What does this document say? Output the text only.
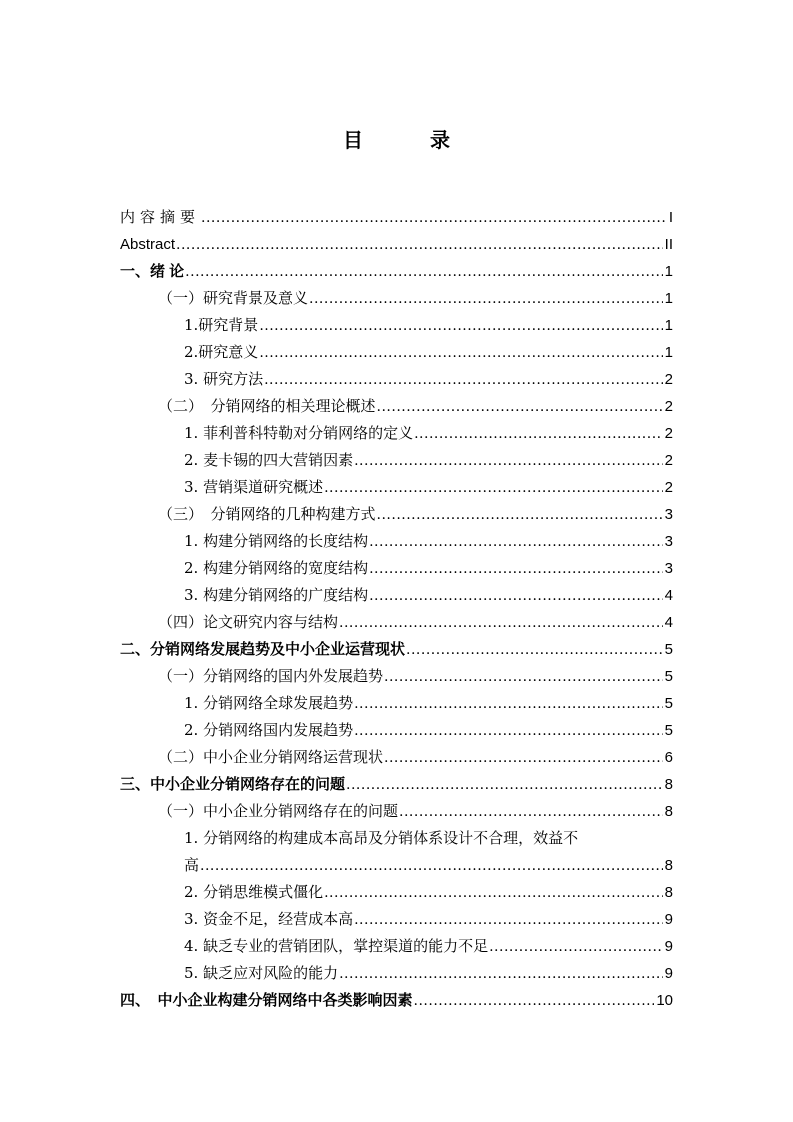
目 录
内容摘要 .....	I
Abstract .....	II
一、绪 论 .....	1
（一）研究背景及意义 .....	1
1.研究背景 .....	1
2.研究意义 .....	1
3. 研究方法 .....	2
（二）　分销网络的相关理论概述 .....	2
1. 菲利普科特勒对分销网络的定义 .....	2
2. 麦卡锡的四大营销因素 .....	2
3. 营销渠道研究概述 .....	2
（三）　分销网络的几种构建方式 .....	3
1. 构建分销网络的长度结构 .....	3
2. 构建分销网络的宽度结构 .....	3
3. 构建分销网络的广度结构 .....	4
（四）论文研究内容与结构 .....	4
二、分销网络发展趋势及中小企业运营现状 .....	5
（一）分销网络的国内外发展趋势 .....	5
1. 分销网络全球发展趋势 .....	5
2. 分销网络国内发展趋势 .....	5
（二）中小企业分销网络运营现状 .....	6
三、中小企业分销网络存在的问题 .....	8
（一）中小企业分销网络存在的问题 .....	8
1. 分销网络的构建成本高昂及分销体系设计不合理，效益不
高 .....	8
2. 分销思维模式僵化 .....	8
3. 资金不足，经营成本高 .....	9
4. 缺乏专业的营销团队，掌控渠道的能力不足 .....	9
5. 缺乏应对风险的能力 .....	9
四、　中小企业构建分销网络中各类影响因素 .....	10
